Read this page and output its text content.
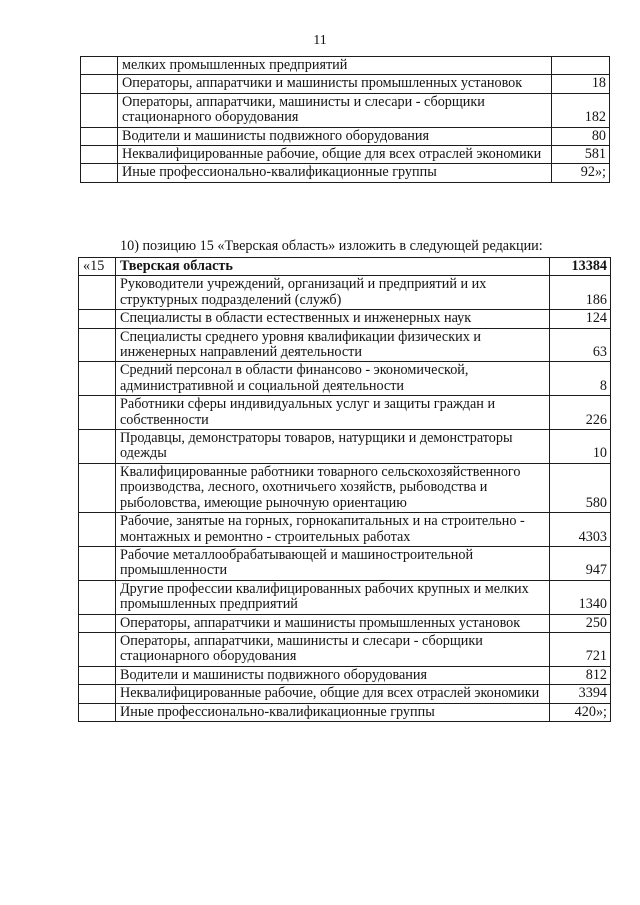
11
	мелких промышленных предприятий	
	Операторы, аппаратчики и машинисты промышленных установок	18
	Операторы, аппаратчики, машинисты и слесари - сборщики стационарного оборудования	182
	Водители и машинисты подвижного оборудования	80
	Неквалифицированные рабочие, общие для всех отраслей экономики	581
	Иные профессионально-квалификационные группы	92»;
10) позицию 15 «Тверская область» изложить в следующей редакции:
«15	Тверская область	13384
	Руководители учреждений, организаций и предприятий и их структурных подразделений (служб)	186
	Специалисты в области естественных и инженерных наук	124
	Специалисты среднего уровня квалификации физических и инженерных направлений деятельности	63
	Средний персонал в области финансово - экономической, административной и социальной деятельности	8
	Работники сферы индивидуальных услуг и защиты граждан и собственности	226
	Продавцы, демонстраторы товаров, натурщики и демонстраторы одежды	10
	Квалифицированные работники товарного сельскохозяйственного производства, лесного, охотничьего хозяйств, рыбоводства и рыболовства, имеющие рыночную ориентацию	580
	Рабочие, занятые на горных, горнокапитальных и на строительно - монтажных и ремонтно - строительных работах	4303
	Рабочие металлообрабатывающей и машиностроительной промышленности	947
	Другие профессии квалифицированных рабочих крупных и мелких промышленных предприятий	1340
	Операторы, аппаратчики и машинисты промышленных установок	250
	Операторы, аппаратчики, машинисты и слесари - сборщики стационарного оборудования	721
	Водители и машинисты подвижного оборудования	812
	Неквалифицированные рабочие, общие для всех отраслей экономики	3394
	Иные профессионально-квалификационные группы	420»;
